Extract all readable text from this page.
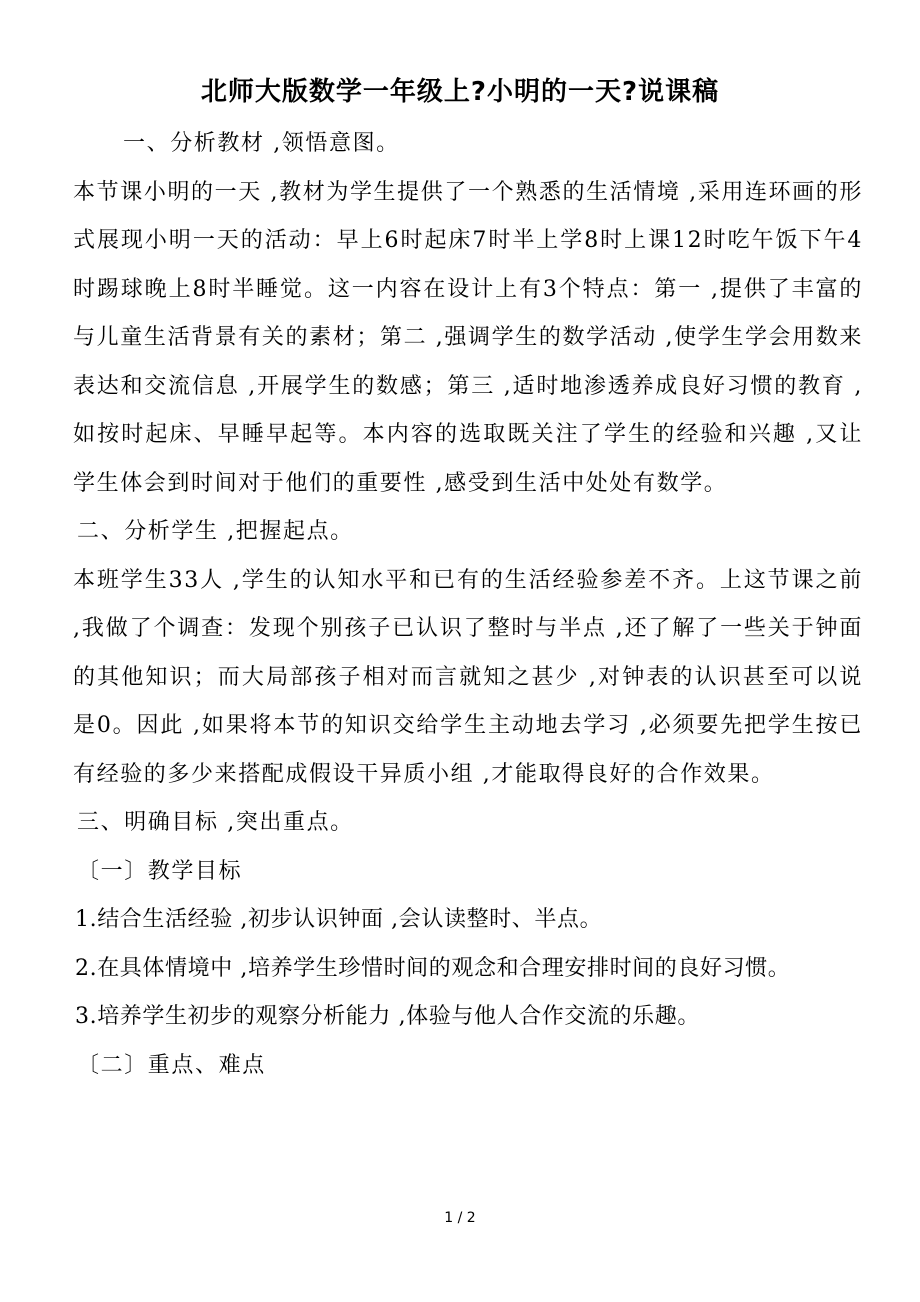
北师大版数学一年级上?小明的一天?说课稿

一、分析教材 ,领悟意图。

本节课小明的一天 ,教材为学生提供了一个熟悉的生活情境 ,采用连环画的形式展现小明一天的活动：早上6时起床7时半上学8时上课12时吃午饭下午4时踢球晚上8时半睡觉。这一内容在设计上有3个特点：第一 ,提供了丰富的与儿童生活背景有关的素材；第二 ,强调学生的数学活动 ,使学生学会用数来表达和交流信息 ,开展学生的数感；第三 ,适时地渗透养成良好习惯的教育 ,如按时起床、早睡早起等。本内容的选取既关注了学生的经验和兴趣 ,又让学生体会到时间对于他们的重要性 ,感受到生活中处处有数学。

二、分析学生 ,把握起点。

本班学生33人 ,学生的认知水平和已有的生活经验参差不齐。上这节课之前 ,我做了个调查：发现个别孩子已认识了整时与半点 ,还了解了一些关于钟面的其他知识；而大局部孩子相对而言就知之甚少 ,对钟表的认识甚至可以说是0。因此 ,如果将本节的知识交给学生主动地去学习 ,必须要先把学生按已有经验的多少来搭配成假设干异质小组 ,才能取得良好的合作效果。

三、明确目标 ,突出重点。

〔一〕教学目标

1.结合生活经验 ,初步认识钟面 ,会认读整时、半点。

2.在具体情境中 ,培养学生珍惜时间的观念和合理安排时间的良好习惯。

3.培养学生初步的观察分析能力 ,体验与他人合作交流的乐趣。

〔二〕重点、难点

1 / 2
